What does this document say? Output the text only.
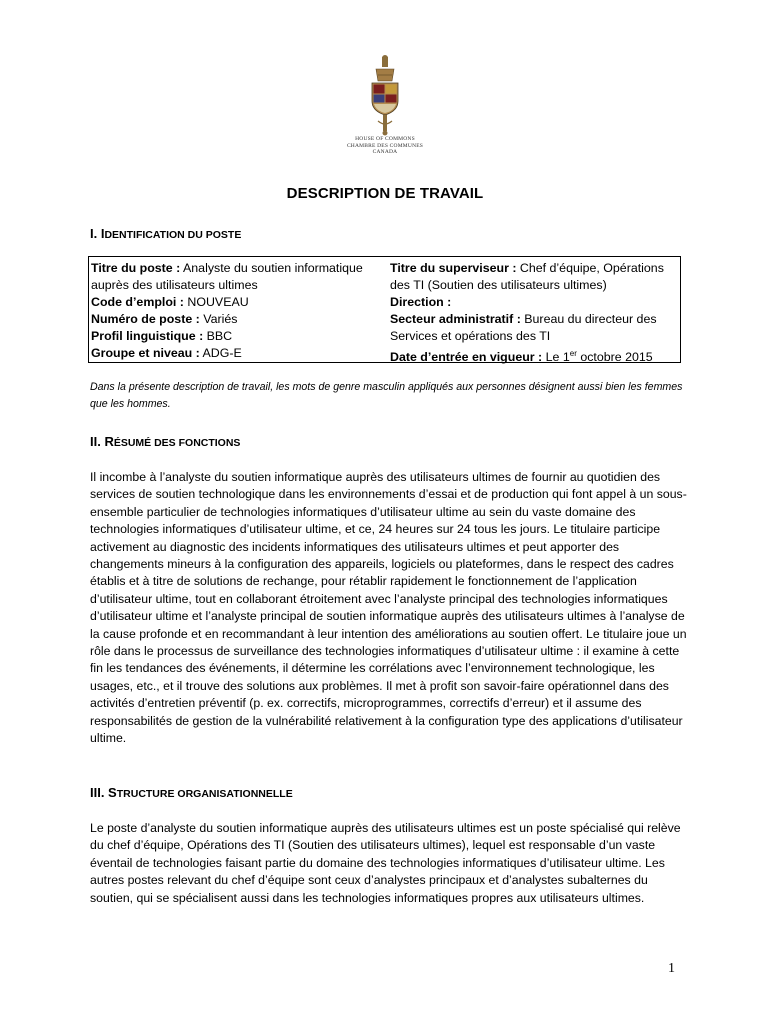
HOUSE OF COMMONS
CHAMBRE DES COMMUNES
CANADA
DESCRIPTION DE TRAVAIL
I. IDENTIFICATION DU POSTE
Titre du poste : Analyste du soutien informatique auprès des utilisateurs ultimes
Code d’emploi : NOUVEAU
Numéro de poste : Variés
Profil linguistique : BBC
Groupe et niveau : ADG-E
Titre du superviseur : Chef d’équipe, Opérations des TI (Soutien des utilisateurs ultimes)
Direction :
Secteur administratif : Bureau du directeur des Services et opérations des TI
Date d’entrée en vigueur : Le 1er octobre 2015
Dans la présente description de travail, les mots de genre masculin appliqués aux personnes désignent aussi bien les femmes que les hommes.
II. RÉSUMÉ DES FONCTIONS
Il incombe à l’analyste du soutien informatique auprès des utilisateurs ultimes de fournir au quotidien des services de soutien technologique dans les environnements d’essai et de production qui font appel à un sous-ensemble particulier de technologies informatiques d’utilisateur ultime au sein du vaste domaine des technologies informatiques d’utilisateur ultime, et ce, 24 heures sur 24 tous les jours. Le titulaire participe activement au diagnostic des incidents informatiques des utilisateurs ultimes et peut apporter des changements mineurs à la configuration des appareils, logiciels ou plateformes, dans le respect des cadres établis et à titre de solutions de rechange, pour rétablir rapidement le fonctionnement de l’application d’utilisateur ultime, tout en collaborant étroitement avec l’analyste principal des technologies informatiques d’utilisateur ultime et l’analyste principal de soutien informatique auprès des utilisateurs ultimes à l’analyse de la cause profonde et en recommandant à leur intention des améliorations au soutien offert. Le titulaire joue un rôle dans le processus de surveillance des technologies informatiques d’utilisateur ultime : il examine à cette fin les tendances des événements, il détermine les corrélations avec l’environnement technologique, les usages, etc., et il trouve des solutions aux problèmes. Il met à profit son savoir-faire opérationnel dans des activités d’entretien préventif (p. ex. correctifs, microprogrammes, correctifs d’erreur) et il assume des responsabilités de gestion de la vulnérabilité relativement à la configuration type des applications d’utilisateur ultime.
III. STRUCTURE ORGANISATIONNELLE
Le poste d’analyste du soutien informatique auprès des utilisateurs ultimes est un poste spécialisé qui relève du chef d’équipe, Opérations des TI (Soutien des utilisateurs ultimes), lequel est responsable d’un vaste éventail de technologies faisant partie du domaine des technologies informatiques d’utilisateur ultime. Les autres postes relevant du chef d’équipe sont ceux d’analystes principaux et d’analystes subalternes du soutien, qui se spécialisent aussi dans les technologies informatiques propres aux utilisateurs ultimes.
1
